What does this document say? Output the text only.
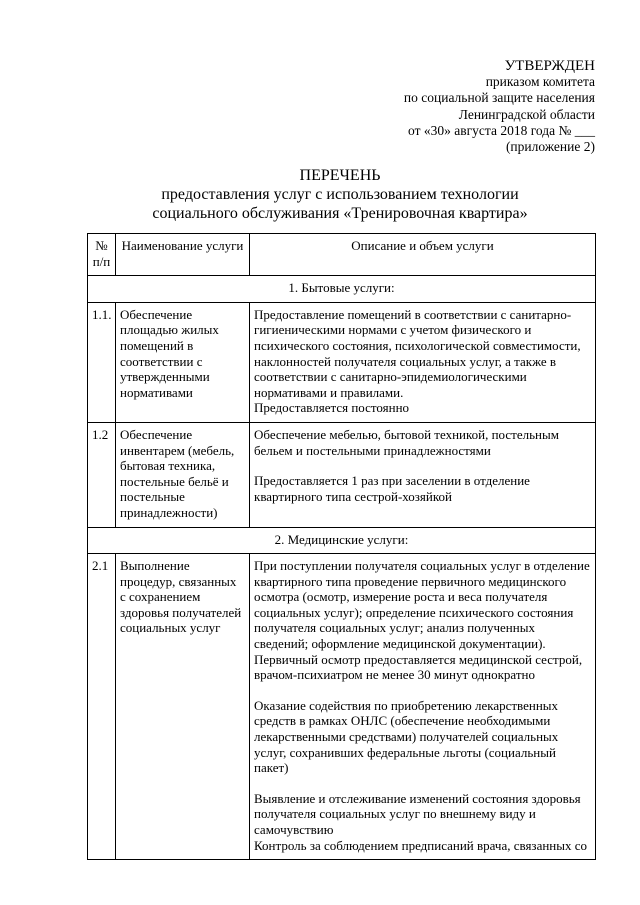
УТВЕРЖДЕН
приказом комитета
по социальной защите населения
Ленинградской области
от «30» августа 2018 года № ___
(приложение 2)
ПЕРЕЧЕНЬ
предоставления услуг с использованием технологии
социального обслуживания «Тренировочная квартира»
№ п/п	Наименование услуги	Описание и объем услуги
1. Бытовые услуги:		
1.1.	Обеспечение площадью жилых помещений в соответствии с утвержденными нормативами	Предоставление помещений в соответствии с санитарно-гигиеническими нормами с учетом физического и психического состояния, психологической совместимости, наклонностей получателя социальных услуг, а также в соответствии с санитарно-эпидемиологическими нормативами и правилами.

Предоставляется постоянно

1.2	Обеспечение инвентарем (мебель, бытовая техника, постельные бельё и постельные принадлежности)	Обеспечение мебелью, бытовой техникой, постельным бельем и постельными принадлежностями

Предоставляется 1 раз при заселении в отделение квартирного типа сестрой-хозяйкой

2. Медицинские услуги:		
2.1	Выполнение процедур, связанных с сохранением здоровья получателей социальных услуг	При поступлении получателя социальных услуг в отделение квартирного типа проведение первичного медицинского осмотра (осмотр, измерение роста и веса получателя социальных услуг); определение психического состояния получателя социальных услуг; анализ полученных сведений; оформление медицинской документации).

Первичный осмотр предоставляется медицинской сестрой, врачом-психиатром не менее 30 минут однократно

Оказание содействия по приобретению лекарственных средств в рамках ОНЛС (обеспечение необходимыми лекарственными средствами) получателей социальных услуг, сохранивших федеральные льготы (социальный пакет)

Выявление и отслеживание изменений состояния здоровья получателя социальных услуг по внешнему виду и самочувствию

Контроль за соблюдением предписаний врача, связанных со
